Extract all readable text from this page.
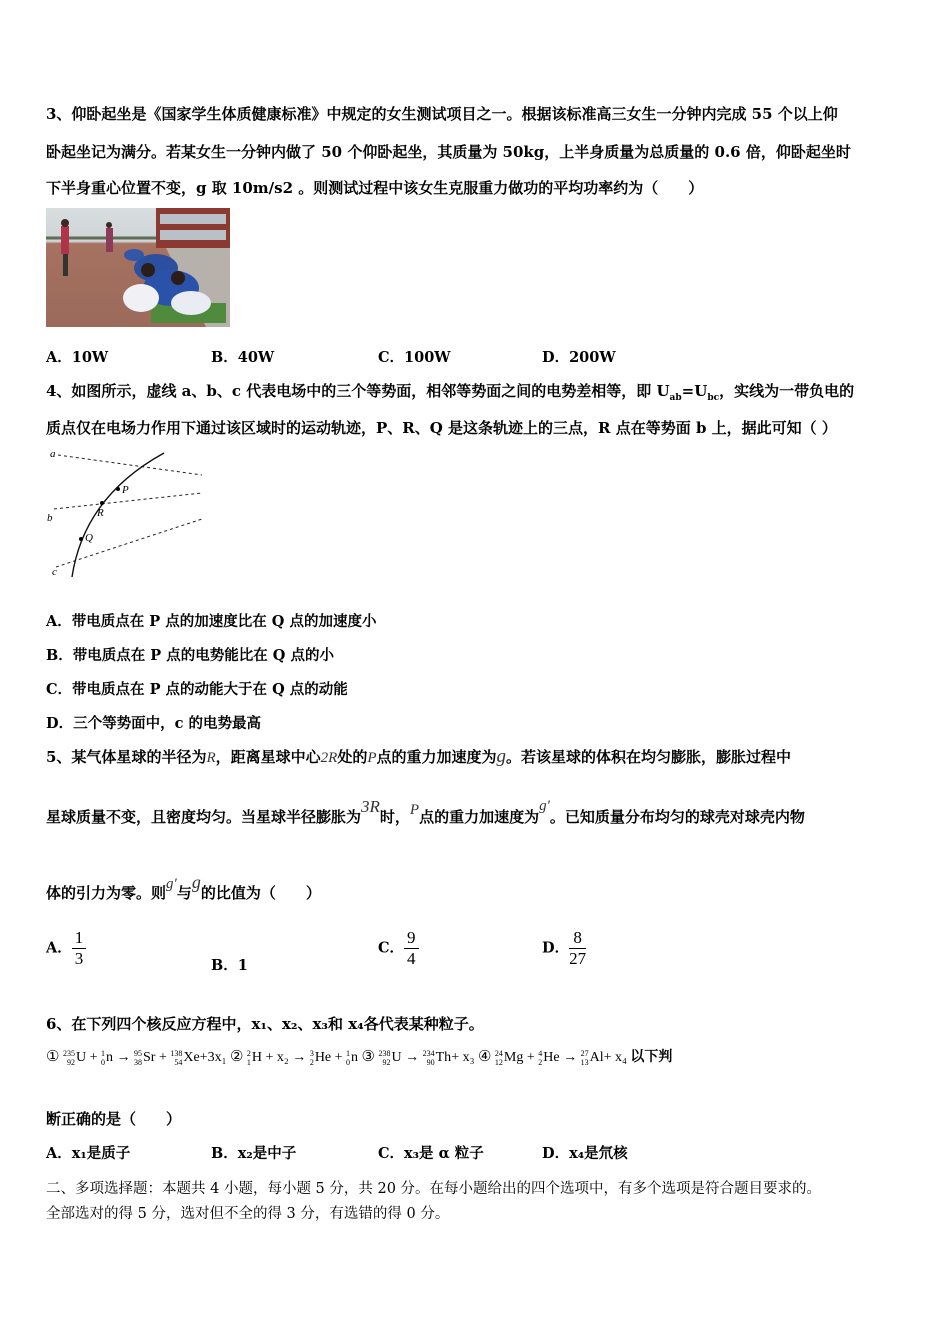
3、仰卧起坐是《国家学生体质健康标准》中规定的女生测试项目之一。根据该标准高三女生一分钟内完成 55 个以上仰
卧起坐记为满分。若某女生一分钟内做了 50 个仰卧起坐，其质量为 50kg，上半身质量为总质量的 0.6 倍，仰卧起坐时
下半身重心位置不变，g 取 10m/s2 。则测试过程中该女生克服重力做功的平均功率约为（　　）
A．10W	B．40W	C．100W	D．200W
4、如图所示，虚线 a、b、c 代表电场中的三个等势面，相邻等势面之间的电势差相等，即 $U_{ab}=U_{bc}$，实线为一带负电的
质点仅在电场力作用下通过该区域时的运动轨迹，P、R、Q 是这条轨迹上的三点，R 点在等势面 b 上，据此可知（ ）
a
b
c
P
R
Q
A．带电质点在 P 点的加速度比在 Q 点的加速度小
B．带电质点在 P 点的电势能比在 Q 点的小
C．带电质点在 P 点的动能大于在 Q 点的动能
D．三个等势面中，c 的电势最高
5、某气体星球的半径为R，距离星球中心2R处的P点的重力加速度为g。若该星球的体积在均匀膨胀，膨胀过程中
星球质量不变，且密度均匀。当星球半径膨胀为3R时，P点的重力加速度为g′。已知质量分布均匀的球壳对球壳内物
体的引力为零。则g′与g的比值为（　　）
A． $\frac{1}{3}$	B．1
C． $\frac{9}{4}$	D． $\frac{8}{27}$
6、在下列四个核反应方程中，x₁、x₂、x₃和 x₄各代表某种粒子。
① 235
92 U + 1
0 n → 95
38 Sr + 138
54 Xe+3x₁ ② 2
1 H + x₂ → 3
2 He + 1
0 n ③ 238
92 U → 234
90 Th+ x₃ ④ 24
12 Mg + 4
2 He → 27
13 Al+ x₄ 以下判
断正确的是（　　）
A．x₁是质子	B．x₂是中子	C．x₃是 α 粒子	D．x₄是氘核
二、多项选择题：本题共 4 小题，每小题 5 分，共 20 分。在每小题给出的四个选项中，有多个选项是符合题目要求的。
全部选对的得 5 分，选对但不全的得 3 分，有选错的得 0 分。
